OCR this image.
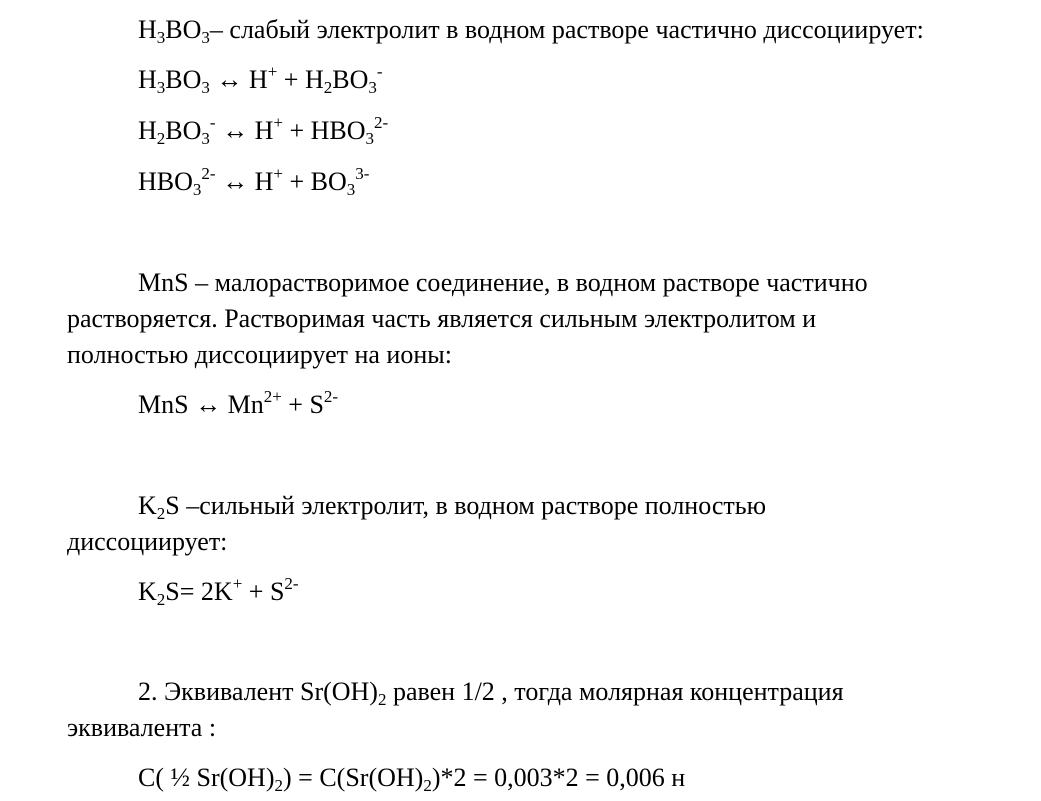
$H_3BO_3-$ слабый электролит в водном растворе частично диссоциирует:
$H_3BO_3$ ↔ $H^+ + H_2BO_3^-$
$H_2BO_3^-$ ↔ $H^+ + HBO_3^{2-}$
$HBO_3^{2-}$ ↔ $H^+ + BO_3^{3-}$
MnS – малорастворимое соединение, в водном растворе частично
растворяется. Растворимая часть является сильным электролитом и
полностью диссоциирует на ионы:
MnS ↔ $Mn^{2+} + S^{2-}$
$K_2S$ –сильный электролит, в водном растворе полностью
диссоциирует:
$K_2S= 2K^+ + S^{2-}$
2. Эквивалент $Sr(OH)_2$ равен 1/2 , тогда молярная концентрация
эквивалента :
C( ½ $Sr(OH)_2) = C(Sr(OH)_2)*2 = 0,003*2 = 0,006$ н
